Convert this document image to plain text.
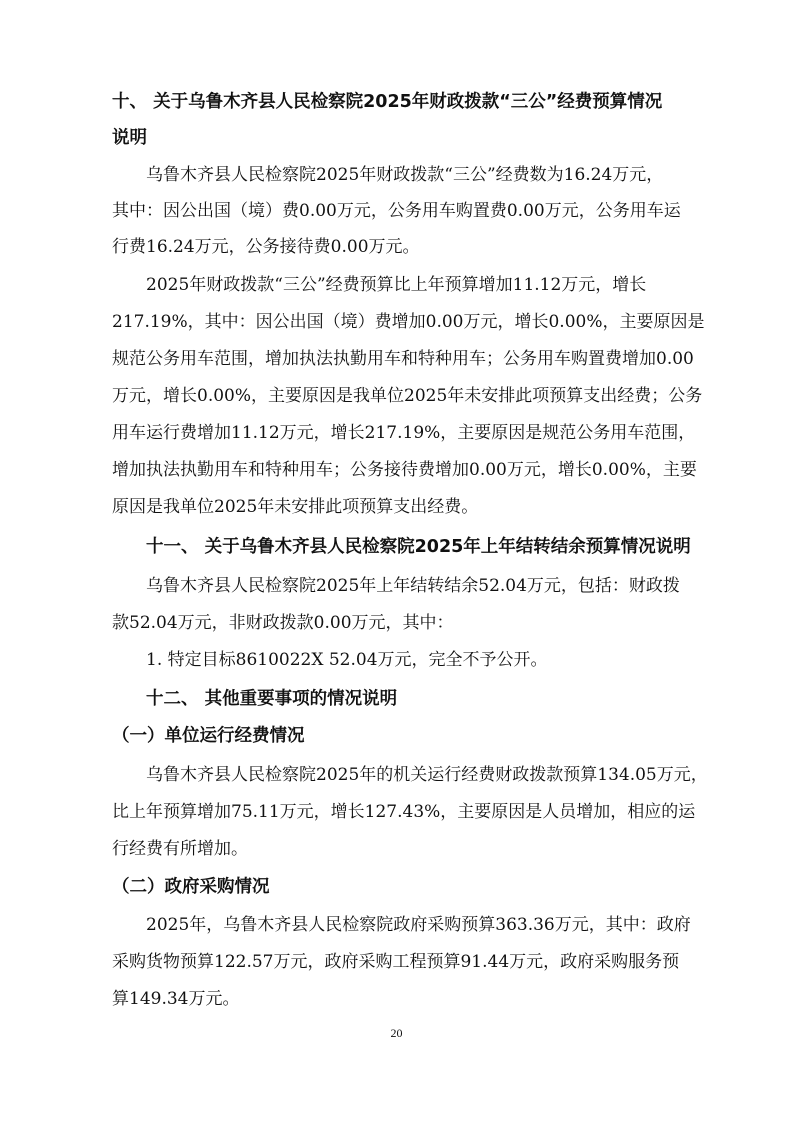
十、 关于乌鲁木齐县人民检察院2025年财政拨款“三公”经费预算情况
说明
乌鲁木齐县人民检察院2025年财政拨款“三公”经费数为16.24万元，
其中：因公出国（境）费0.00万元，公务用车购置费0.00万元，公务用车运
行费16.24万元，公务接待费0.00万元。
2025年财政拨款“三公”经费预算比上年预算增加11.12万元，增长
217.19%，其中：因公出国（境）费增加0.00万元，增长0.00%，主要原因是
规范公务用车范围，增加执法执勤用车和特种用车；公务用车购置费增加0.00
万元，增长0.00%，主要原因是我单位2025年未安排此项预算支出经费；公务
用车运行费增加11.12万元，增长217.19%，主要原因是规范公务用车范围，
增加执法执勤用车和特种用车；公务接待费增加0.00万元，增长0.00%，主要
原因是我单位2025年未安排此项预算支出经费。
十一、 关于乌鲁木齐县人民检察院2025年上年结转结余预算情况说明
乌鲁木齐县人民检察院2025年上年结转结余52.04万元，包括：财政拨
款52.04万元，非财政拨款0.00万元，其中：
1. 特定目标8610022X 52.04万元，完全不予公开。
十二、 其他重要事项的情况说明
（一）单位运行经费情况
乌鲁木齐县人民检察院2025年的机关运行经费财政拨款预算134.05万元，
比上年预算增加75.11万元，增长127.43%，主要原因是人员增加，相应的运
行经费有所增加。
（二）政府采购情况
2025年，乌鲁木齐县人民检察院政府采购预算363.36万元，其中：政府
采购货物预算122.57万元，政府采购工程预算91.44万元，政府采购服务预
算149.34万元。
20
